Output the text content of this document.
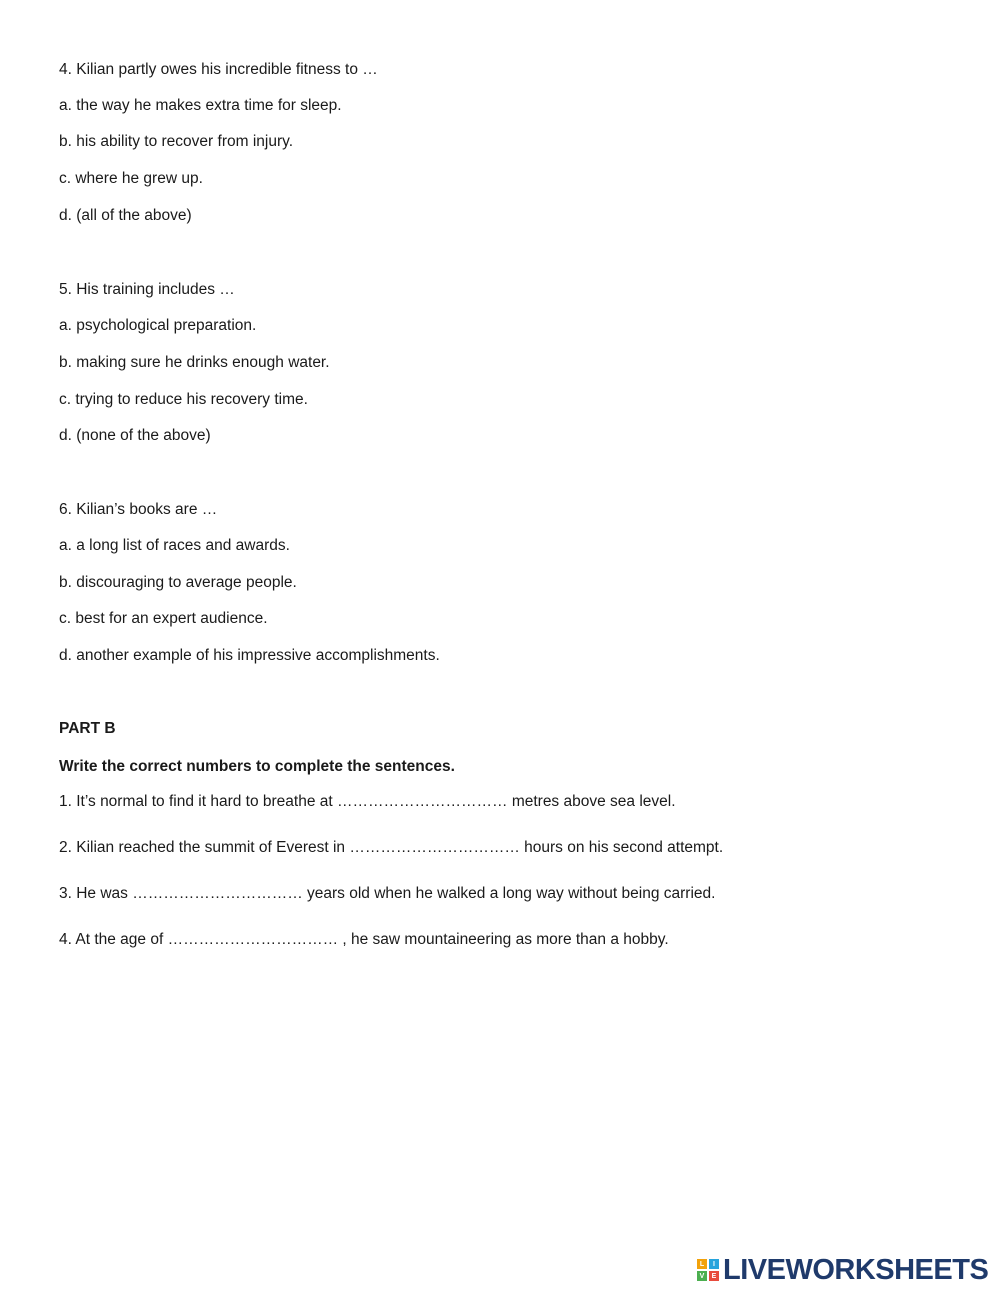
4. Kilian partly owes his incredible fitness to …
a. the way he makes extra time for sleep.
b. his ability to recover from injury.
c. where he grew up.
d. (all of the above)
5. His training includes …
a. psychological preparation.
b. making sure he drinks enough water.
c. trying to reduce his recovery time.
d. (none of the above)
6. Kilian’s books are …
a. a long list of races and awards.
b. discouraging to average people.
c. best for an expert audience.
d. another example of his impressive accomplishments.
PART B
Write the correct numbers to complete the sentences.
1. It’s normal to find it hard to breathe at …………………………… metres above sea level.
2. Kilian reached the summit of Everest in …………………………… hours on his second attempt.
3. He was …………………………… years old when he walked a long way without being carried.
4. At the age of …………………………… , he saw mountaineering as more than a hobby.
L	I
V	E LIVEWORKSHEETS
